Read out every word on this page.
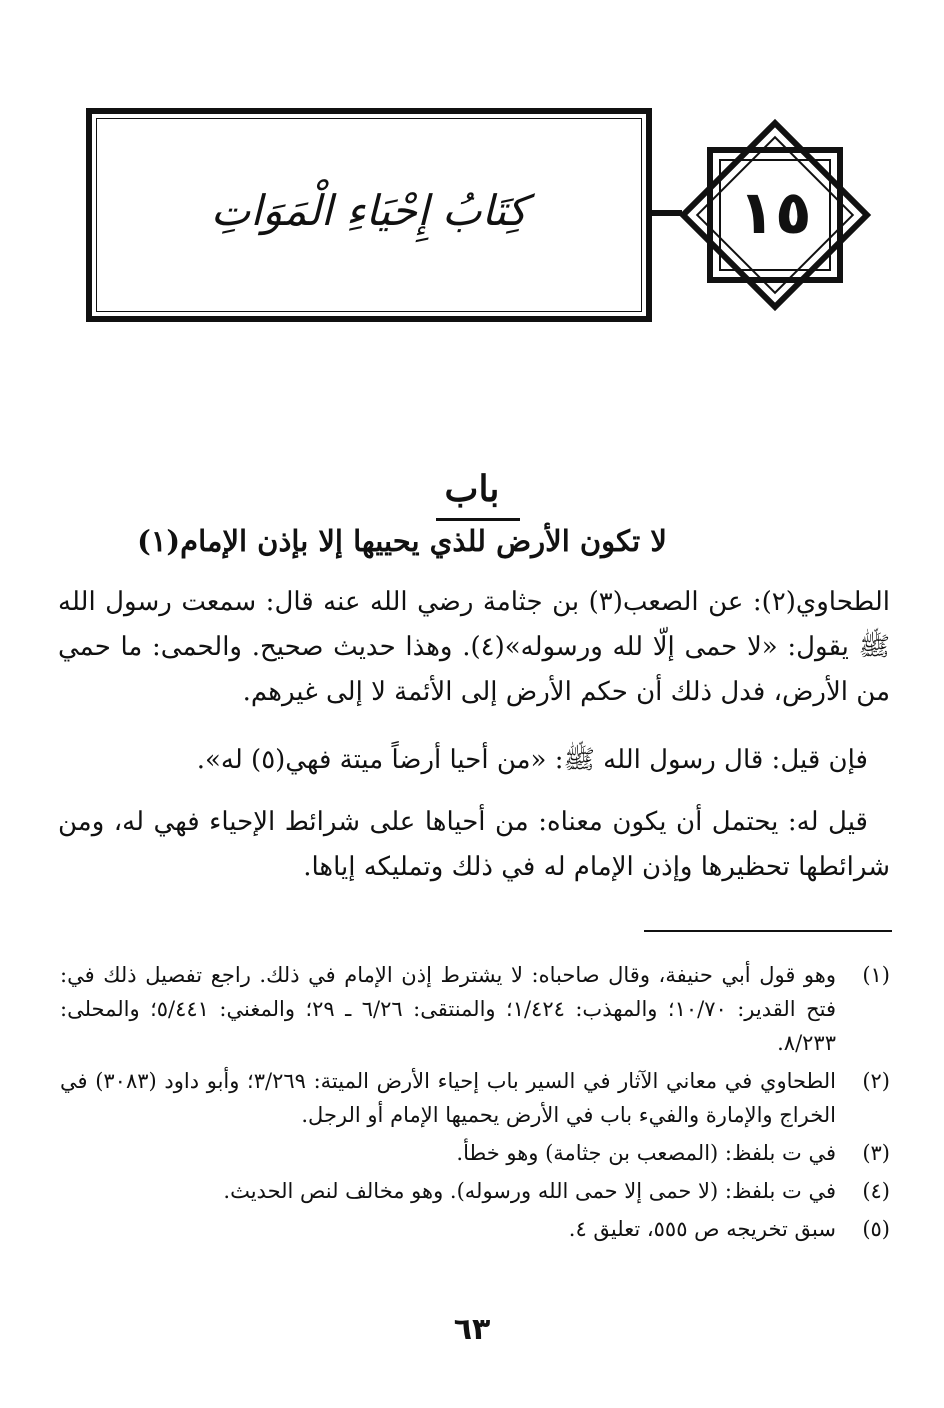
كِتَابُ إِحْيَاءِ الْمَوَاتِ	١٥
باب
لا تكون الأرض للذي يحييها إلا بإذن الإمام(١)
الطحاوي(٢): عن الصعب(٣) بن جثامة رضي الله عنه قال: سمعت رسول الله ﷺ يقول: «لا حمى إلّا لله ورسوله»(٤). وهذا حديث صحيح. والحمى: ما حمي من الأرض، فدل ذلك أن حكم الأرض إلى الأئمة لا إلى غيرهم.
فإن قيل: قال رسول الله ﷺ: «من أحيا أرضاً ميتة فهي(٥) له».
قيل له: يحتمل أن يكون معناه: من أحياها على شرائط الإحياء فهي له، ومن شرائطها تحظيرها وإذن الإمام له في ذلك وتمليكه إياها.
(١)
وهو قول أبي حنيفة، وقال صاحباه: لا يشترط إذن الإمام في ذلك. راجع تفصيل ذلك في: فتح القدير: ١٠/٧٠؛ والمهذب: ١/٤٢٤؛ والمنتقى: ٦/٢٦ ـ ٢٩؛ والمغني: ٥/٤٤١؛ والمحلى: ٨/٢٣٣.
(٢)
الطحاوي في معاني الآثار في السير باب إحياء الأرض الميتة: ٣/٢٦٩؛ وأبو داود (٣٠٨٣) في الخراج والإمارة والفيء باب في الأرض يحميها الإمام أو الرجل.
(٣)
في ت بلفظ: (المصعب بن جثامة) وهو خطأ.
(٤)
في ت بلفظ: (لا حمى إلا حمى الله ورسوله). وهو مخالف لنص الحديث.
(٥)
سبق تخريجه ص ٥٥٥، تعليق ٤.
٦٣
